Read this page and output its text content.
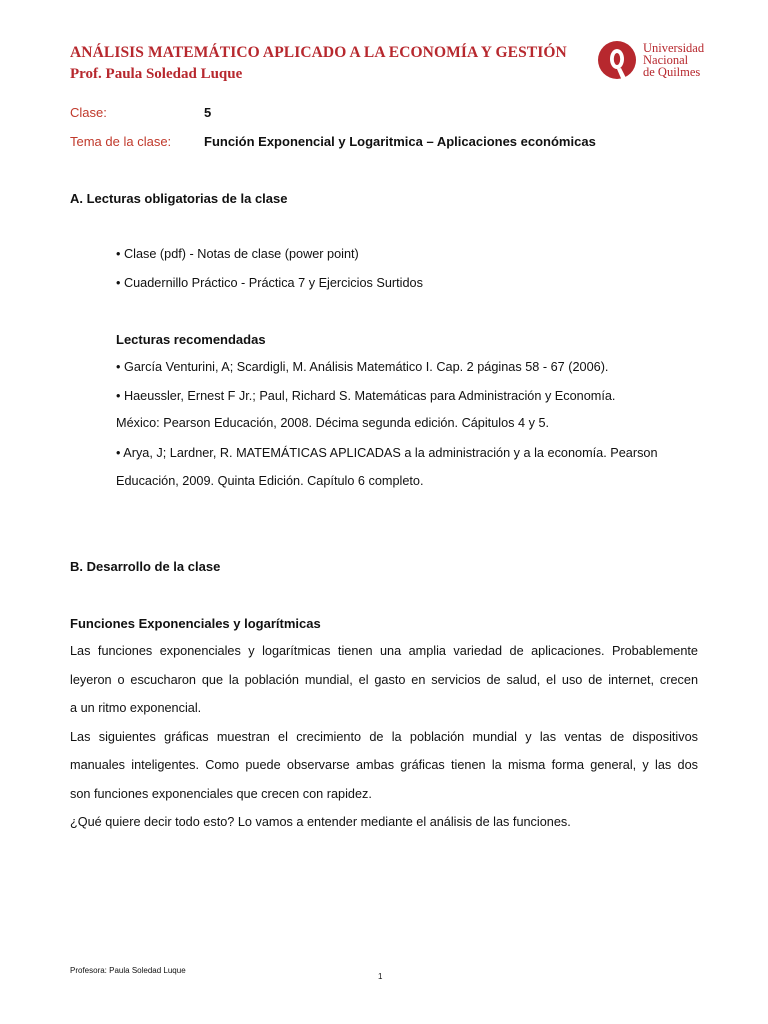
ANÁLISIS MATEMÁTICO APLICADO A LA ECONOMÍA Y GESTIÓN
Prof. Paula Soledad Luque
Universidad
Nacional
de Quilmes
Clase:	5
Tema de la clase:	Función Exponencial y Logaritmica – Aplicaciones económicas
A. Lecturas obligatorias de la clase
• Clase (pdf) - Notas de clase (power point)
• Cuadernillo Práctico - Práctica 7 y Ejercicios Surtidos
Lecturas recomendadas
• García Venturini, A; Scardigli, M. Análisis Matemático I. Cap. 2 páginas 58 - 67 (2006).
• Haeussler, Ernest F Jr.; Paul, Richard S. Matemáticas para Administración y Economía.
México: Pearson Educación, 2008. Décima segunda edición. Cápitulos 4 y 5.
• Arya, J; Lardner, R. MATEMÁTICAS APLICADAS a la administración y a la economía. Pearson
Educación, 2009. Quinta Edición. Capítulo 6 completo.
B. Desarrollo de la clase
Funciones Exponenciales y logarítmicas
Las funciones exponenciales y logarítmicas tienen una amplia variedad de aplicaciones. Probablemente
leyeron o escucharon que la población mundial, el gasto en servicios de salud, el uso de internet, crecen
a un ritmo exponencial.
Las siguientes gráficas muestran el crecimiento de la población mundial y las ventas de dispositivos
manuales inteligentes. Como puede observarse ambas gráficas tienen la misma forma general, y las dos
son funciones exponenciales que crecen con rapidez.
¿Qué quiere decir todo esto? Lo vamos a entender mediante el análisis de las funciones.
Profesora: Paula Soledad Luque
1
